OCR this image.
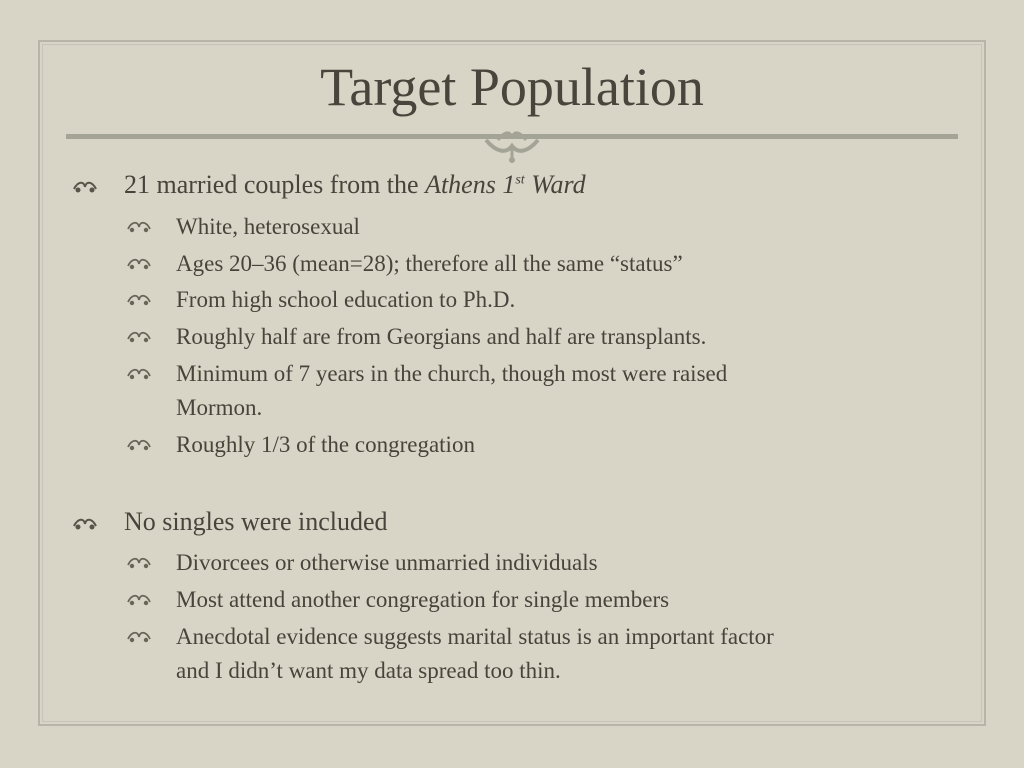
Target Population
21 married couples from the Athens 1st Ward
White, heterosexual
Ages 20–36 (mean=28); therefore all the same “status”
From high school education to Ph.D.
Roughly half are from Georgians and half are transplants.
Minimum of 7 years in the church, though most were raised
Mormon.
Roughly 1/3 of the congregation
No singles were included
Divorcees or otherwise unmarried individuals
Most attend another congregation for single members
Anecdotal evidence suggests marital status is an important factor
and I didn’t want my data spread too thin.
